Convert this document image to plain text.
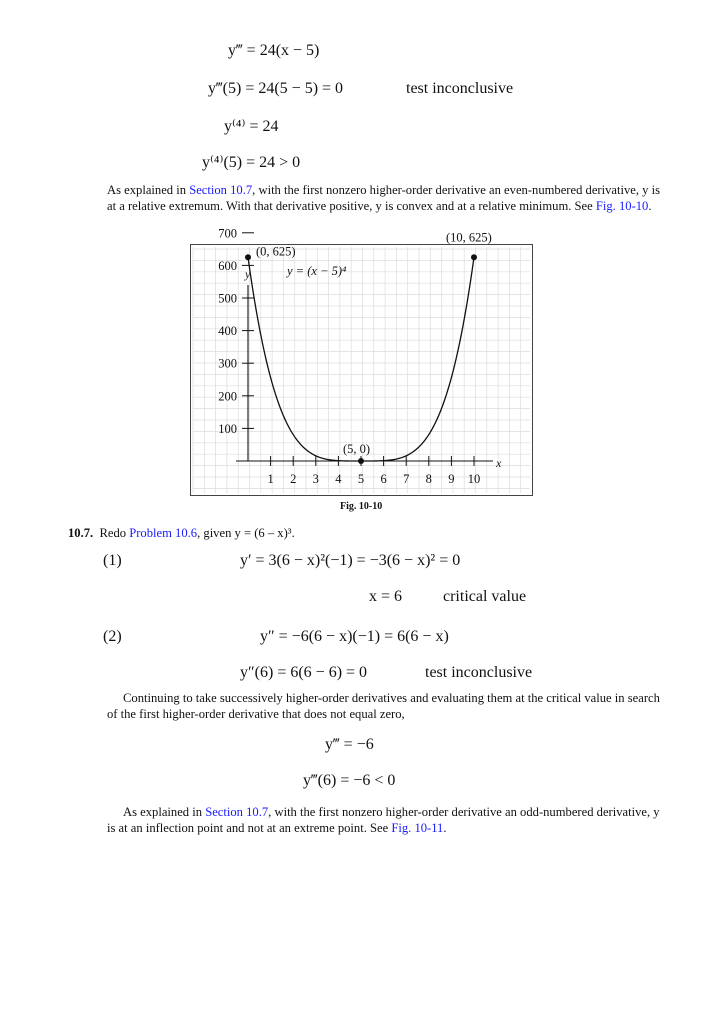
y‴ = 24(x − 5)
y‴(5) = 24(5 − 5) = 0	test inconclusive
y⁽⁴⁾ = 24
y⁽⁴⁾(5) = 24 > 0
As explained in Section 10.7, with the first nonzero higher-order derivative an even-numbered derivative, y is at a relative extremum. With that derivative positive, y is convex and at a relative minimum. See Fig. 10-10.
1 2 3 4 5 6 7 8 9 10
100
200
300
400
500
600
700
(0, 625)
(5, 0)
(10, 625)
y = (x − 5)⁴
y
x
Fig. 10-10
10.7. Redo Problem 10.6, given y = (6 – x)³.
(1)	y′ = 3(6 − x)²(−1) = −3(6 − x)² = 0
x = 6	critical value
(2)	y″ = −6(6 − x)(−1) = 6(6 − x)
y″(6) = 6(6 − 6) = 0	test inconclusive
Continuing to take successively higher-order derivatives and evaluating them at the critical value in search of the first higher-order derivative that does not equal zero,
y‴ = −6
y‴(6) = −6 < 0
As explained in Section 10.7, with the first nonzero higher-order derivative an odd-numbered derivative, y is at an inflection point and not at an extreme point. See Fig. 10-11.
